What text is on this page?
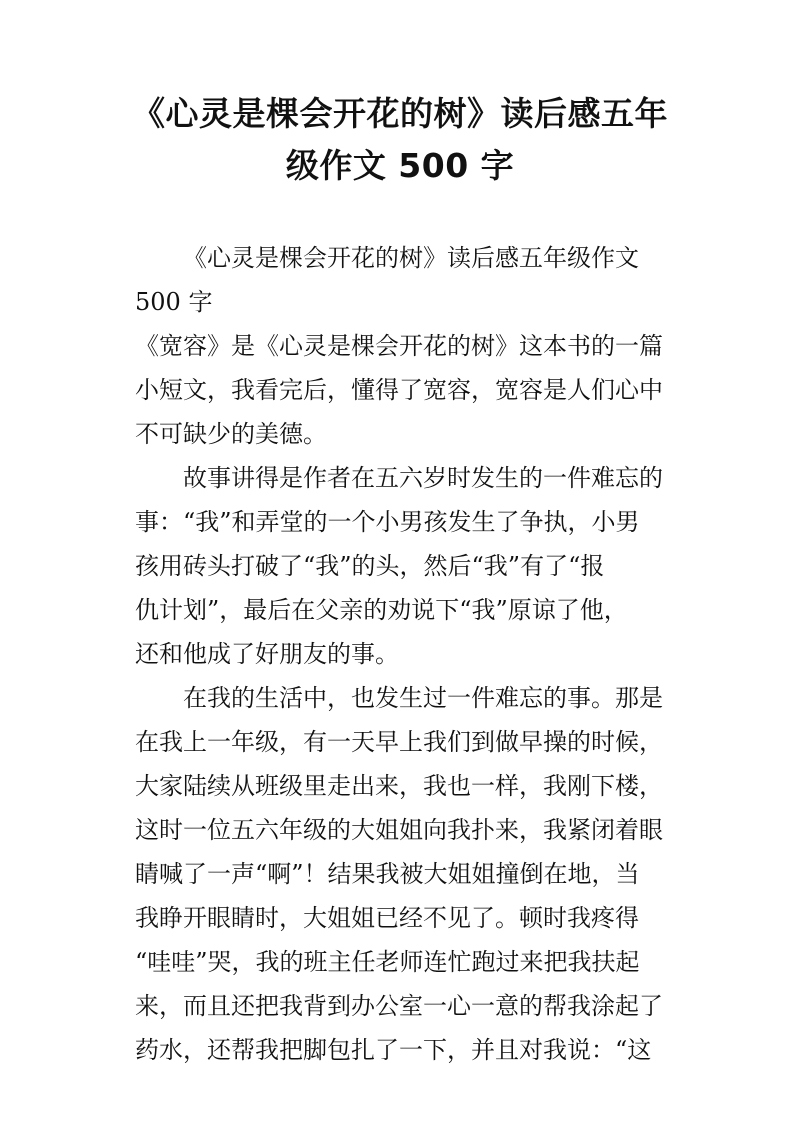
《心灵是棵会开花的树》读后感五年
级作文 500 字
《心灵是棵会开花的树》读后感五年级作文
500 字
《宽容》是《心灵是棵会开花的树》这本书的一篇
小短文，我看完后，懂得了宽容，宽容是人们心中
不可缺少的美德。
故事讲得是作者在五六岁时发生的一件难忘的
事：“我”和弄堂的一个小男孩发生了争执，小男
孩用砖头打破了“我”的头，然后“我”有了“报
仇计划”，最后在父亲的劝说下“我”原谅了他，
还和他成了好朋友的事。
在我的生活中，也发生过一件难忘的事。那是
在我上一年级，有一天早上我们到做早操的时候，
大家陆续从班级里走出来，我也一样，我刚下楼，
这时一位五六年级的大姐姐向我扑来，我紧闭着眼
睛喊了一声“啊”！结果我被大姐姐撞倒在地，当
我睁开眼睛时，大姐姐已经不见了。顿时我疼得
“哇哇”哭，我的班主任老师连忙跑过来把我扶起
来，而且还把我背到办公室一心一意的帮我涂起了
药水，还帮我把脚包扎了一下，并且对我说：“这
